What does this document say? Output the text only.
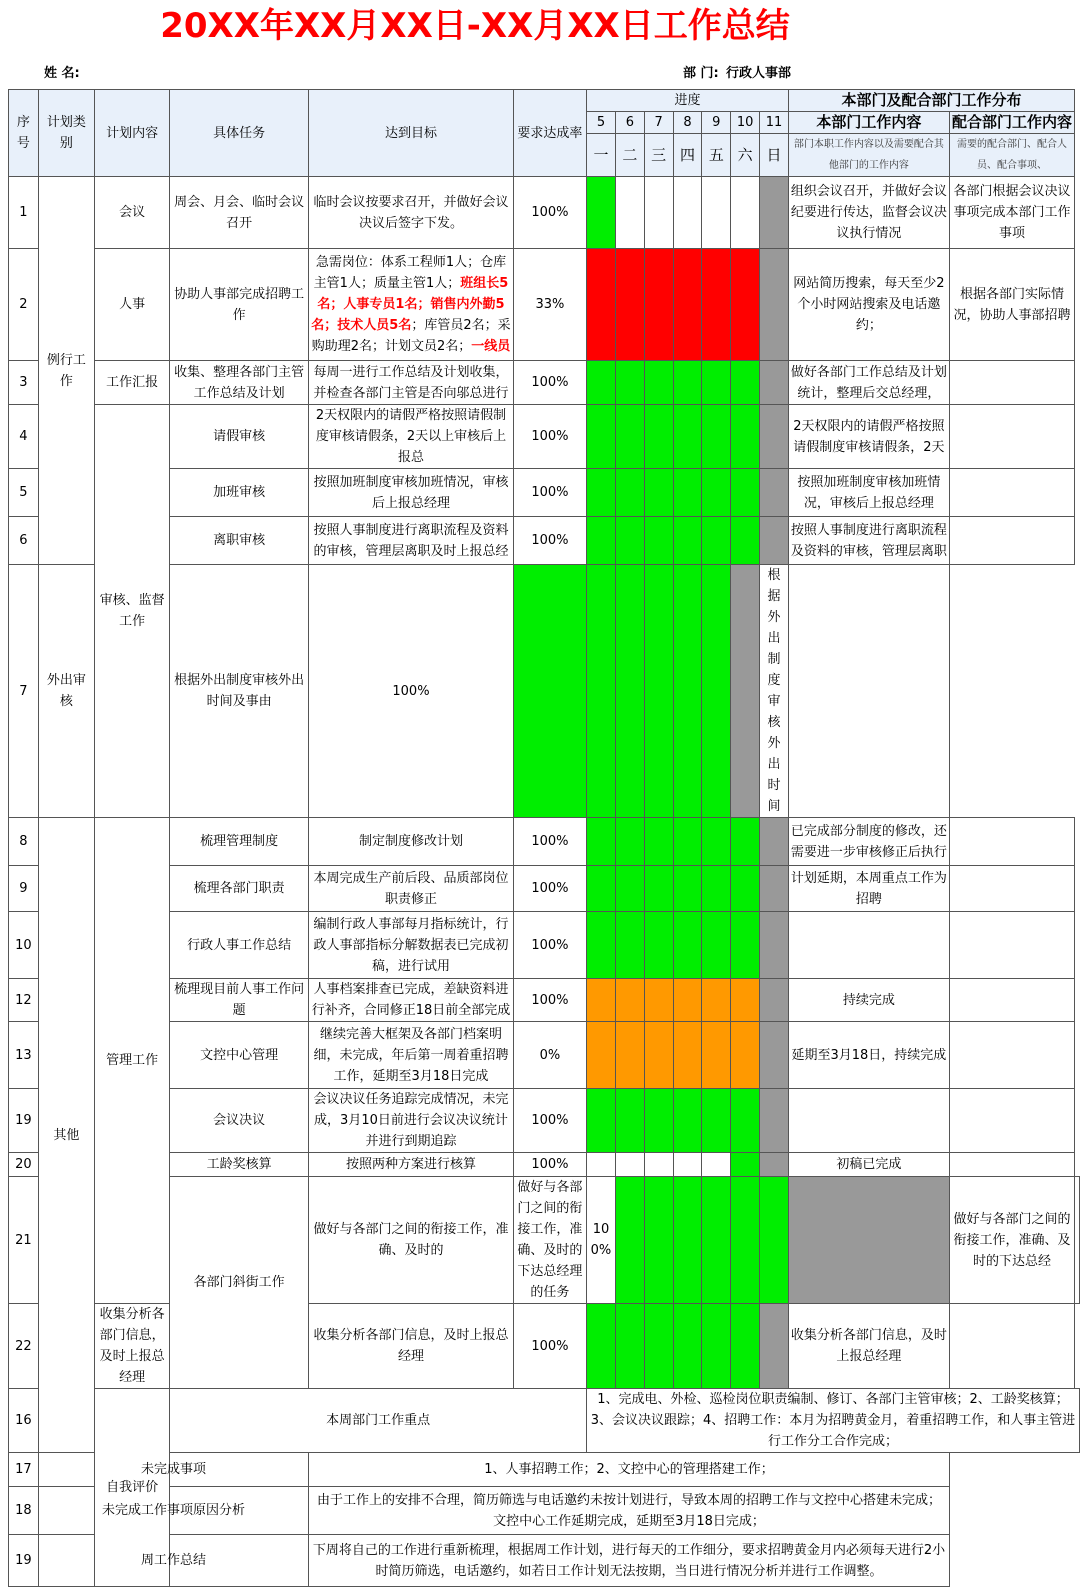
20XX年XX月XX日-XX月XX日工作总结
姓 名:	部 门: 行政人事部
序号	计划类别	计划内容	具体任务	达到目标	要求达成率	进度							本部门及配合部门工作分布		
						5	6	7	8	9	10	11	本部门工作内容	配合部门工作内容	
						一	二	三	四	五	六	日	部门本职工作内容以及需要配合其他部门的工作内容	需要的配合部门、配合人员、配合事项、	
1	例行工作	会议	周会、月会、临时会议召开	临时会议按要求召开，并做好会议决议后签字下发。	100%								组织会议召开，并做好会议纪要进行传达，监督会议决议执行情况	各部门根据会议决议事项完成本部门工作事项	
2		人事	协助人事部完成招聘工作	急需岗位：体系工程师1人；仓库主管1人；质量主管1人；班组长5名；人事专员1名；销售内外勤5名；技术人员5名；库管员2名；采购助理2名；计划文员2名；一线员	33%								网站简历搜索，每天至少2个小时网站搜索及电话邀约；	根据各部门实际情况，协助人事部招聘	
3		工作汇报	收集、整理各部门主管工作总结及计划	每周一进行工作总结及计划收集，并检查各部门主管是否向邬总进行	100%								做好各部门工作总结及计划统计，整理后交总经理，		
4		审核、监督工作	请假审核	2天权限内的请假严格按照请假制度审核请假条，2天以上审核后上报总	100%								2天权限内的请假严格按照请假制度审核请假条，2天		
5			加班审核	按照加班制度审核加班情况，审核后上报总经理	100%								按照加班制度审核加班情况，审核后上报总经理		
6			离职审核	按照人事制度进行离职流程及资料的审核，管理层离职及时上报总经	100%								按照人事制度进行离职流程及资料的审核，管理层离职		
7	外出审核		根据外出制度审核外出时间及事由	100%								根据外出制度审核外出时间			
8	其他	管理工作	梳理管理制度	制定制度修改计划	100%								已完成部分制度的修改，还需要进一步审核修正后执行		
9			梳理各部门职责	本周完成生产前后段、品质部岗位职责修正	100%								计划延期，本周重点工作为招聘		
10			行政人事工作总结	编制行政人事部每月指标统计，行政人事部指标分解数据表已完成初稿，进行试用	100%										
12			梳理现目前人事工作问题	人事档案排查已完成，差缺资料进行补齐，合同修正18日前全部完成	100%								持续完成		
13			文控中心管理	继续完善大框架及各部门档案明细，未完成，年后第一周着重招聘工作，延期至3月18日完成	0%								延期至3月18日，持续完成		
19			会议决议	会议决议任务追踪完成情况，未完成，3月10日前进行会议决议统计并进行到期追踪	100%										
20			工龄奖核算	按照两种方案进行核算	100%								初稿已完成		
21			各部门斜街工作	做好与各部门之间的衔接工作，准确、及时的	做好与各部门之间的衔接工作，准确、及时的下达总经理的任务	100%								做好与各部门之间的衔接工作，准确、及时的下达总经	
22		收集分析各部门信息，及时上报总经理		收集分析各部门信息，及时上报总经理	100%								收集分析各部门信息，及时上报总经理		
16		自我评价	本周部门工作重点			1、完成电、外检、巡检岗位职责编制、修订、各部门主管审核；2、工龄奖核算；3、会议决议跟踪；4、招聘工作：本月为招聘黄金月，着重招聘工作，和人事主管进行工作分工合作完成；									
17	未完成事项			1、人事招聘工作；2、文控中心的管理搭建工作；											
18	未完成工作事项原因分析			由于工作上的安排不合理，简历筛选与电话邀约未按计划进行，导致本周的招聘工作与文控中心搭建未完成；文控中心工作延期完成，延期至3月18日完成；											
19	周工作总结			下周将自己的工作进行重新梳理，根据周工作计划，进行每天的工作细分，要求招聘黄金月内必须每天进行2小时简历筛选，电话邀约，如若日工作计划无法按期，当日进行情况分析并进行工作调整。											
